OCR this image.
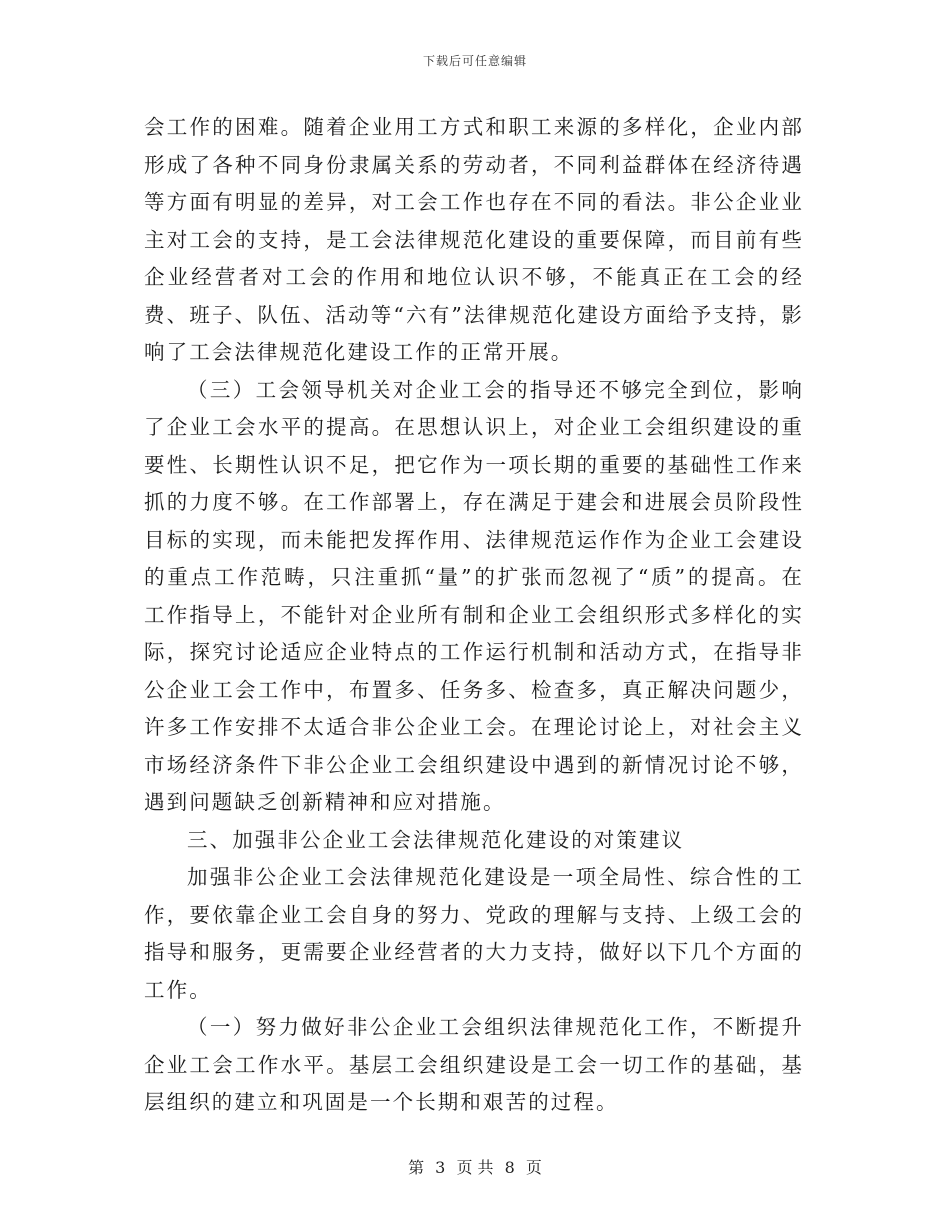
下载后可任意编辑

会工作的困难。随着企业用工方式和职工来源的多样化，企业内部形成了各种不同身份隶属关系的劳动者，不同利益群体在经济待遇等方面有明显的差异，对工会工作也存在不同的看法。非公企业业主对工会的支持，是工会法律规范化建设的重要保障，而目前有些企业经营者对工会的作用和地位认识不够，不能真正在工会的经费、班子、队伍、活动等“六有”法律规范化建设方面给予支持，影响了工会法律规范化建设工作的正常开展。

（三）工会领导机关对企业工会的指导还不够完全到位，影响了企业工会水平的提高。在思想认识上，对企业工会组织建设的重要性、长期性认识不足，把它作为一项长期的重要的基础性工作来抓的力度不够。在工作部署上，存在满足于建会和进展会员阶段性目标的实现，而未能把发挥作用、法律规范运作作为企业工会建设的重点工作范畴，只注重抓“量”的扩张而忽视了“质”的提高。在工作指导上，不能针对企业所有制和企业工会组织形式多样化的实际，探究讨论适应企业特点的工作运行机制和活动方式，在指导非公企业工会工作中，布置多、任务多、检查多，真正解决问题少，许多工作安排不太适合非公企业工会。在理论讨论上，对社会主义市场经济条件下非公企业工会组织建设中遇到的新情况讨论不够，遇到问题缺乏创新精神和应对措施。

三、加强非公企业工会法律规范化建设的对策建议

加强非公企业工会法律规范化建设是一项全局性、综合性的工作，要依靠企业工会自身的努力、党政的理解与支持、上级工会的指导和服务，更需要企业经营者的大力支持，做好以下几个方面的工作。

（一）努力做好非公企业工会组织法律规范化工作，不断提升企业工会工作水平。基层工会组织建设是工会一切工作的基础，基层组织的建立和巩固是一个长期和艰苦的过程。

第 3 页 共 8 页
